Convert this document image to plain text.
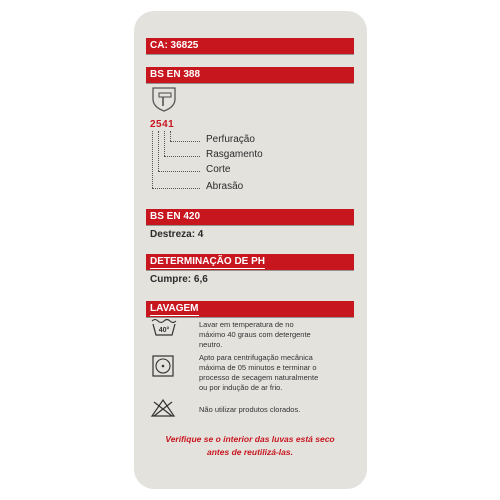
CA: 36825
BS EN 388
2541
Perfuração
Rasgamento
Corte
Abrasão
BS EN 420
Destreza: 4
DETERMINAÇÃO DE PH
Cumpre: 6,6
LAVAGEM
40°
Lavar em temperatura de no
máximo 40 graus com detergente
neutro.
Apto para centrifugação mecânica
máxima de 05 minutos e terminar o
processo de secagem naturalmente
ou por indução de ar frio.
Não utilizar produtos clorados.
Verifique se o interior das luvas está seco
antes de reutilizá-las.
